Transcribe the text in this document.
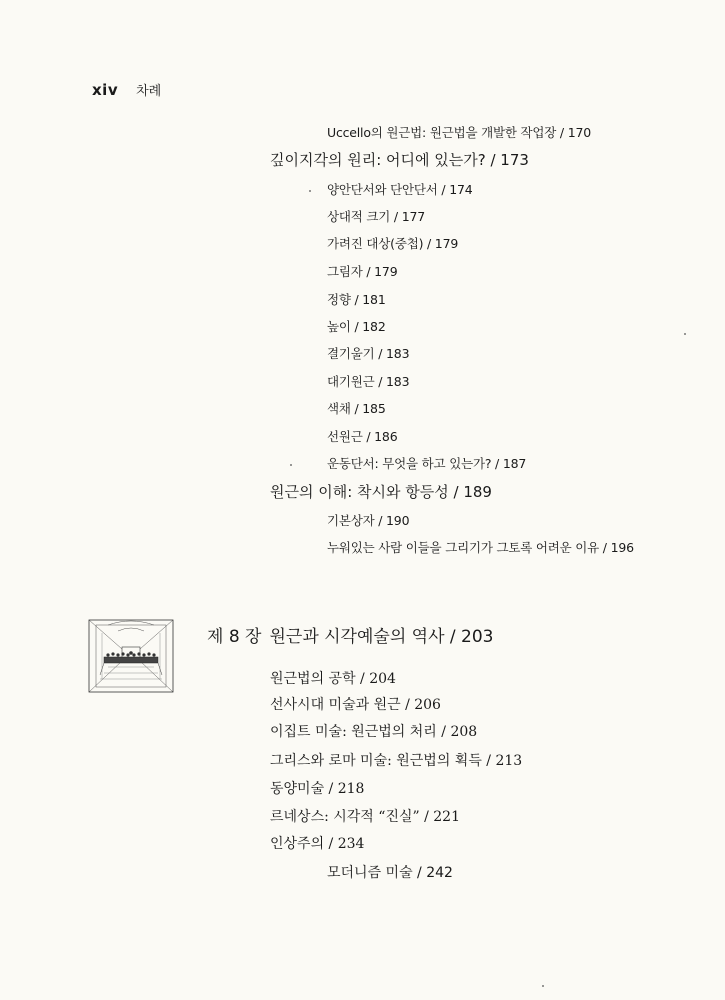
xiv 차례
Uccello의 원근법: 원근법을 개발한 작업장 / 170
깊이지각의 원리: 어디에 있는가? / 173
양안단서와 단안단서 / 174
상대적 크기 / 177
가려진 대상(중첩) / 179
그림자 / 179
정향 / 181
높이 / 182
결기울기 / 183
대기원근 / 183
색채 / 185
선원근 / 186
운동단서: 무엇을 하고 있는가? / 187
원근의 이해: 착시와 항등성 / 189
기본상자 / 190
누워있는 사람 이들을 그리기가 그토록 어려운 이유 / 196
제 8 장 원근과 시각예술의 역사 / 203
원근법의 공학 / 204
선사시대 미술과 원근 / 206
이집트 미술: 원근법의 처리 / 208
그리스와 로마 미술: 원근법의 획득 / 213
동양미술 / 218
르네상스: 시각적 “진실” / 221
인상주의 / 234
모더니즘 미술 / 242
